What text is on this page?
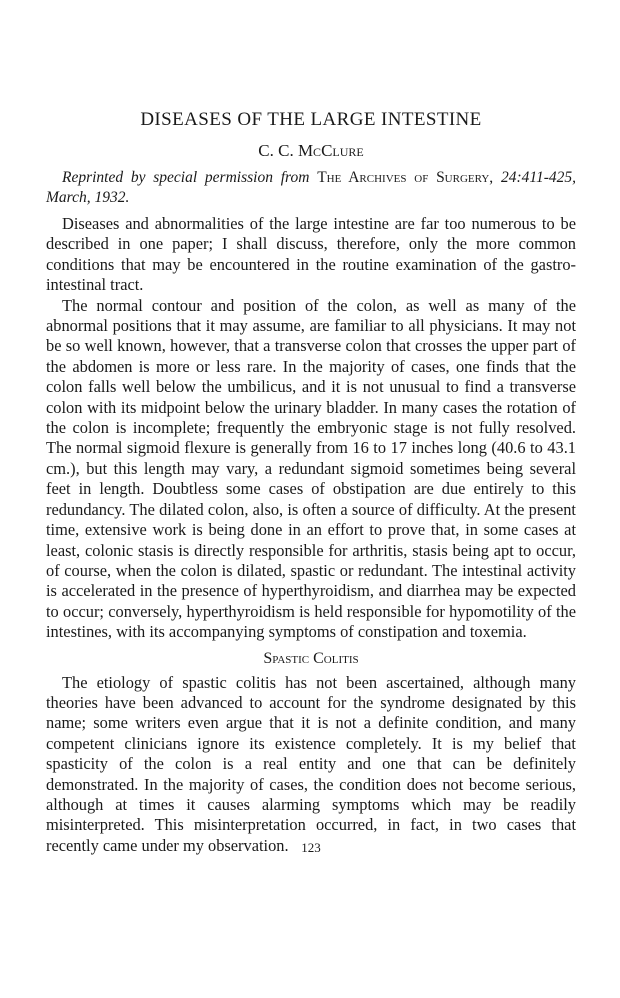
DISEASES OF THE LARGE INTESTINE
C. C. McClure
Reprinted by special permission from The Archives of Surgery, 24:411-425, March, 1932.

Diseases and abnormalities of the large intestine are far too numerous to be described in one paper; I shall discuss, therefore, only the more common conditions that may be encountered in the routine examination of the gastro-intestinal tract.

The normal contour and position of the colon, as well as many of the abnormal positions that it may assume, are familiar to all physicians. It may not be so well known, however, that a transverse colon that crosses the upper part of the abdomen is more or less rare. In the majority of cases, one finds that the colon falls well below the umbilicus, and it is not unusual to find a transverse colon with its midpoint below the urinary bladder. In many cases the rotation of the colon is incomplete; frequently the embryonic stage is not fully resolved. The normal sigmoid flexure is generally from 16 to 17 inches long (40.6 to 43.1 cm.), but this length may vary, a redundant sigmoid sometimes being several feet in length. Doubtless some cases of obstipation are due entirely to this redundancy. The dilated colon, also, is often a source of difficulty. At the present time, extensive work is being done in an effort to prove that, in some cases at least, colonic stasis is directly responsible for arthritis, stasis being apt to occur, of course, when the colon is dilated, spastic or redundant. The intestinal activity is accelerated in the presence of hyperthyroidism, and diarrhea may be expected to occur; conversely, hyperthyroidism is held responsible for hypomotility of the intestines, with its accompanying symptoms of constipation and toxemia.

Spastic Colitis

The etiology of spastic colitis has not been ascertained, although many theories have been advanced to account for the syndrome designated by this name; some writers even argue that it is not a definite condition, and many competent clinicians ignore its existence completely. It is my belief that spasticity of the colon is a real entity and one that can be definitely demonstrated. In the majority of cases, the condition does not become serious, although at times it causes alarming symptoms which may be readily misinterpreted. This misinterpretation occurred, in fact, in two cases that recently came under my observation. 123
